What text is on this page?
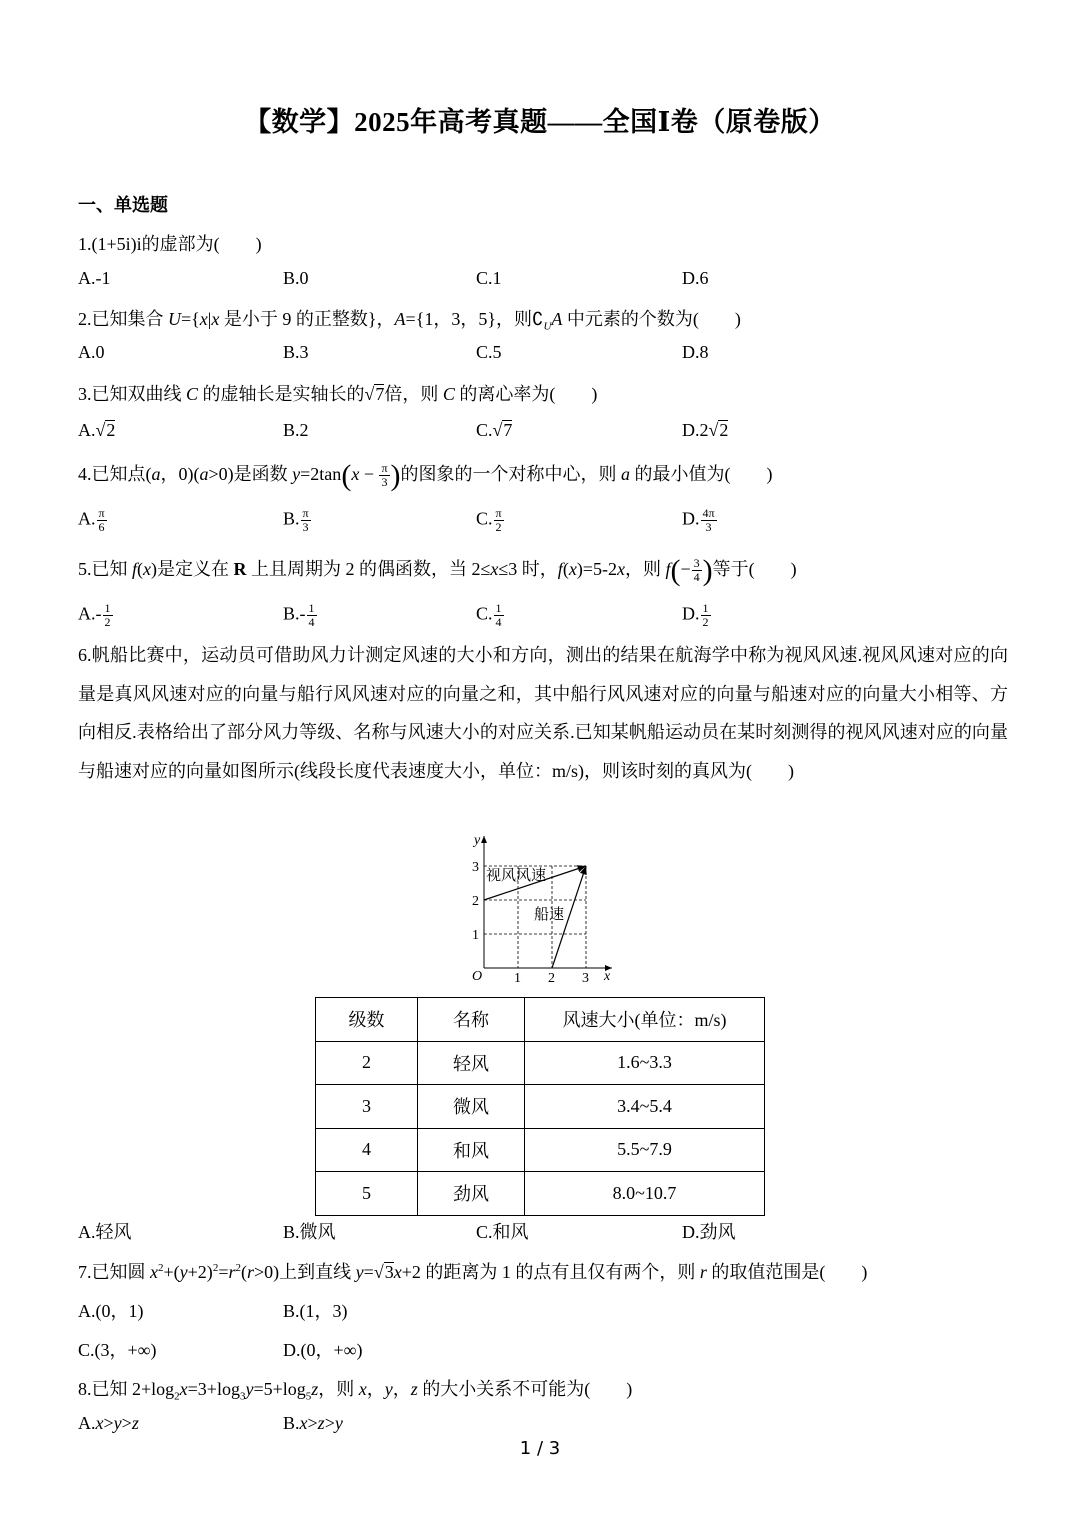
【数学】2025年高考真题——全国Ⅰ卷（原卷版）
一、单选题
1.(1+5i)i的虚部为(　　)
A.-1	B.0	C.1	D.6
2.已知集合 U={x|x 是小于 9 的正整数}，A={1，3，5}，则$∁_UA$ 中元素的个数为(　　)
A.0	B.3	C.5	D.8
3.已知双曲线 C 的虚轴长是实轴长的√7倍，则 C 的离心率为(　　)
A.√2	B.2	C.√7	D.2√2
4.已知点(a，0)(a>0)是函数 $y=2\tan(x - \frac{\pi}{3}$ )的图象的一个对称中心，则 a 的最小值为(　　)
A. $\frac{\pi}{6}$	B. $\frac{\pi}{3}$	C. $\frac{\pi}{2}$	D. $\frac{4\pi}{3}$
5.已知 f(x)是定义在 R 上且周期为 2 的偶函数，当 2≤x≤3 时，f(x)=5-2x，则 $f(- \frac{3}{4}$ )等于(　　)
$A.- \frac{1}{2}$	$B.- \frac{1}{4}$	C. $\frac{1}{4}$	D. $\frac{1}{2}$
6.帆船比赛中，运动员可借助风力计测定风速的大小和方向，测出的结果在航海学中称为视风风速.视风风速对应的向量是真风风速对应的向量与船行风风速对应的向量之和，其中船行风风速对应的向量与船速对应的向量大小相等、方向相反.表格给出了部分风力等级、名称与风速大小的对应关系.已知某帆船运动员在某时刻测得的视风风速对应的向量与船速对应的向量如图所示(线段长度代表速度大小，单位：m/s)，则该时刻的真风为(　　)
y
x
O 1 2 3
1
2
3
视风风速
船速
级数	名称	风速大小(单位：m/s)
2	轻风	1.6~3.3
3	微风	3.4~5.4
4	和风	5.5~7.9
5	劲风	8.0~10.7
A.轻风	B.微风	C.和风	D.劲风
7.已知圆 $x^2+(y+2)^2=r^2(r>0)$上到直线 y=√3x+2 的距离为 1 的点有且仅有两个，则 r 的取值范围是(　　)
A.(0，1)	B.(1，3)
C.(3，+∞)	D.(0，+∞)
8.已知 $2+\log_2x=3+\log_3y=5+\log_5z$，则 x，y，z 的大小关系不可能为(　　)
A.x>y>z	B.x>z>y
1 / 3
